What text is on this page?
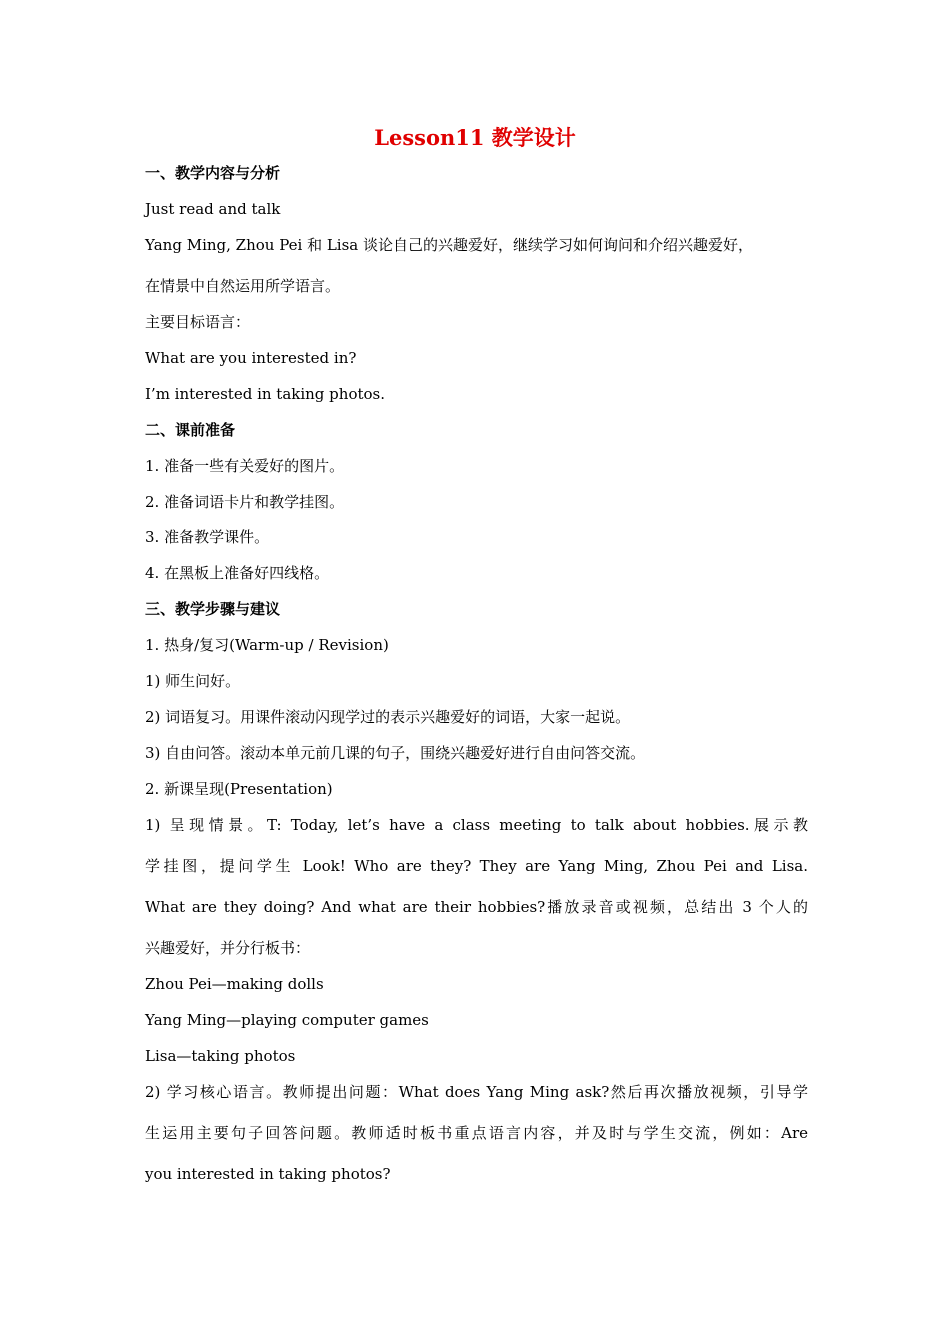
Lesson11 教学设计
一、教学内容与分析
Just read and talk
Yang Ming, Zhou Pei 和 Lisa 谈论自己的兴趣爱好，继续学习如何询问和介绍兴趣爱好，
在情景中自然运用所学语言。
主要目标语言：
What are you interested in?
I’m interested in taking photos.
二、课前准备
1. 准备一些有关爱好的图片。
2. 准备词语卡片和教学挂图。
3. 准备教学课件。
4. 在黑板上准备好四线格。
三、教学步骤与建议
1. 热身/复习(Warm-up / Revision)
1) 师生问好。
2) 词语复习。用课件滚动闪现学过的表示兴趣爱好的词语，大家一起说。
3) 自由问答。滚动本单元前几课的句子，围绕兴趣爱好进行自由问答交流。
2. 新课呈现(Presentation)
1) 呈现情景。T: Today, let’s have a class meeting to talk about hobbies.展示教
学挂图，提问学生 Look! Who are they? They are Yang Ming, Zhou Pei and Lisa.
What are they doing? And what are their hobbies?播放录音或视频，总结出 3 个人的
兴趣爱好，并分行板书：
Zhou Pei—making dolls
Yang Ming—playing computer games
Lisa—taking photos
2) 学习核心语言。教师提出问题：What does Yang Ming ask?然后再次播放视频，引导学
生运用主要句子回答问题。教师适时板书重点语言内容，并及时与学生交流，例如：Are
you interested in taking photos?
